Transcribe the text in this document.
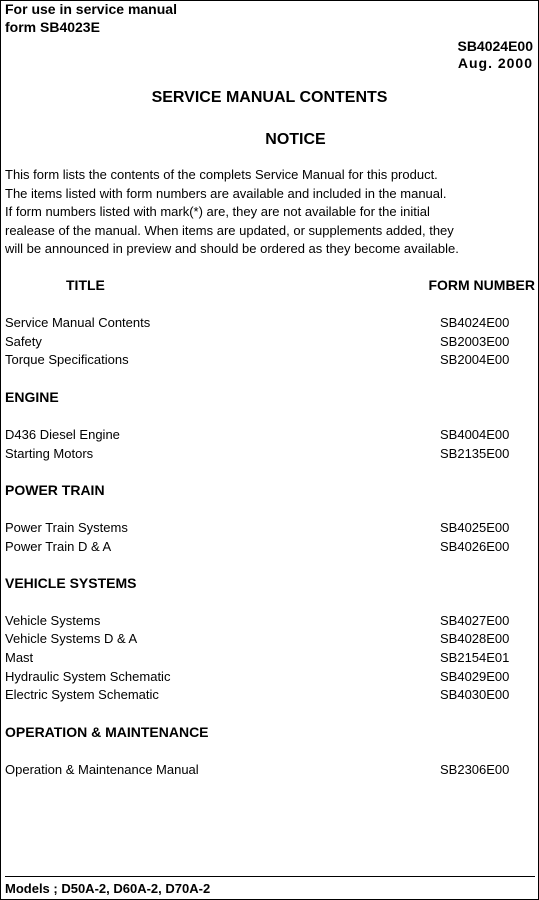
For use in service manual
form SB4023E
SB4024E00
Aug. 2000
SERVICE MANUAL CONTENTS
NOTICE
This form lists the contents of the complets Service Manual for this product.
The items listed with form numbers are available and included in the manual.
If form numbers listed with mark(*) are, they are not available for the initial
realease of the manual. When items are updated, or supplements added, they
will be announced in preview and should be ordered as they become available.
TITLE	FORM NUMBER
Service Manual Contents	SB4024E00
Safety	SB2003E00
Torque Specifications	SB2004E00
ENGINE
D436 Diesel Engine	SB4004E00
Starting Motors	SB2135E00
POWER TRAIN
Power Train Systems	SB4025E00
Power Train D & A	SB4026E00
VEHICLE SYSTEMS
Vehicle Systems	SB4027E00
Vehicle Systems D & A	SB4028E00
Mast	SB2154E01
Hydraulic System Schematic	SB4029E00
Electric System Schematic	SB4030E00
OPERATION & MAINTENANCE
Operation & Maintenance Manual	SB2306E00
Models ; D50A-2, D60A-2, D70A-2
